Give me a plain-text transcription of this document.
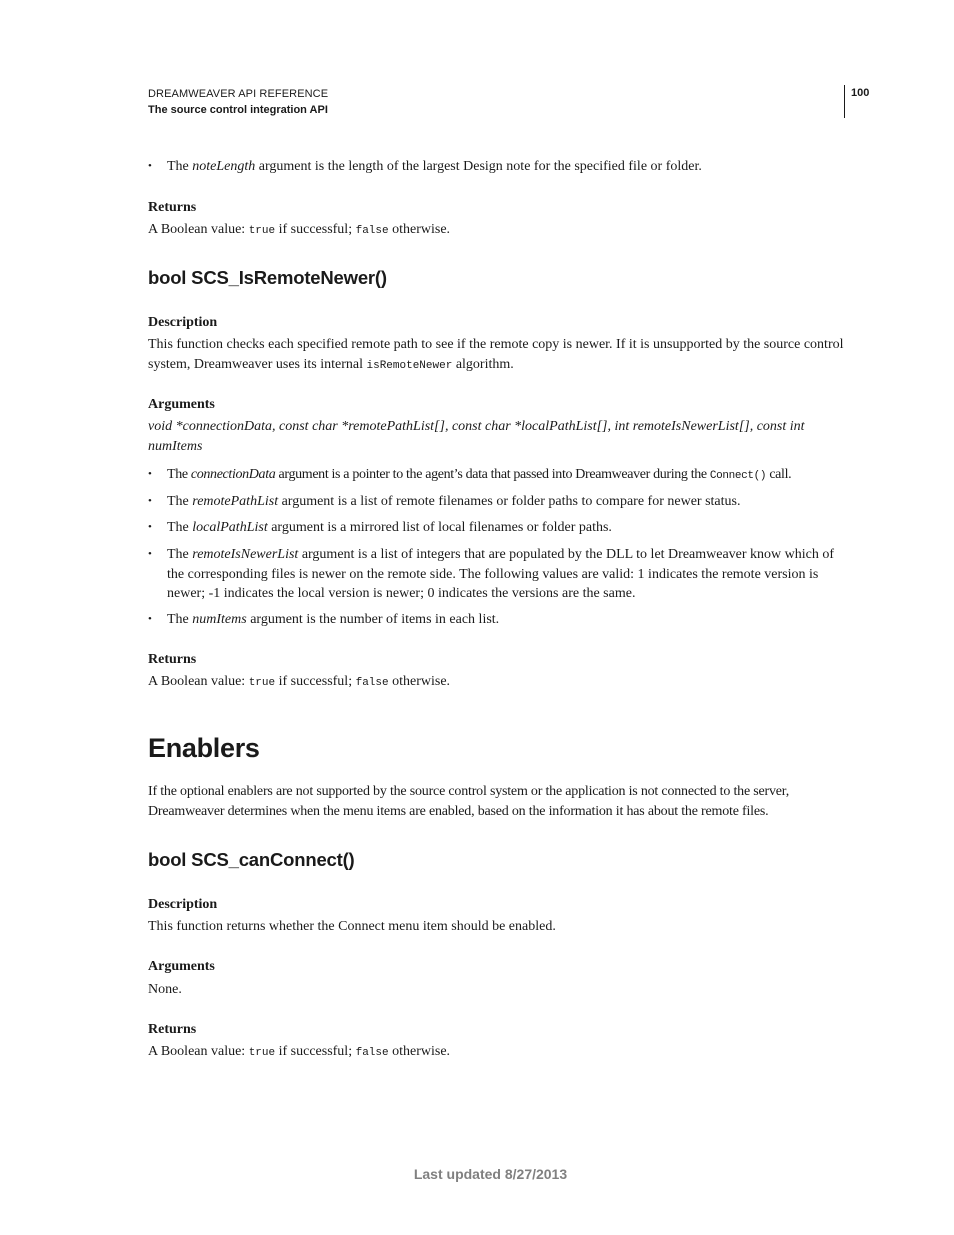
DREAMWEAVER API REFERENCE
The source control integration API
100
• The noteLength argument is the length of the largest Design note for the specified file or folder.
Returns
A Boolean value: true if successful; false otherwise.
bool SCS_IsRemoteNewer()
Description
This function checks each specified remote path to see if the remote copy is newer. If it is unsupported by the source control system, Dreamweaver uses its internal isRemoteNewer algorithm.
Arguments
void *connectionData, const char *remotePathList[], const char *localPathList[], int remoteIsNewerList[], const int numItems
• The connectionData argument is a pointer to the agent’s data that passed into Dreamweaver during the Connect() call.
• The remotePathList argument is a list of remote filenames or folder paths to compare for newer status.
• The localPathList argument is a mirrored list of local filenames or folder paths.
• The remoteIsNewerList argument is a list of integers that are populated by the DLL to let Dreamweaver know which of the corresponding files is newer on the remote side. The following values are valid: 1 indicates the remote version is newer; -1 indicates the local version is newer; 0 indicates the versions are the same.
• The numItems argument is the number of items in each list.
Returns
A Boolean value: true if successful; false otherwise.
Enablers
If the optional enablers are not supported by the source control system or the application is not connected to the server, Dreamweaver determines when the menu items are enabled, based on the information it has about the remote files.
bool SCS_canConnect()
Description
This function returns whether the Connect menu item should be enabled.
Arguments
None.
Returns
A Boolean value: true if successful; false otherwise.
Last updated 8/27/2013
